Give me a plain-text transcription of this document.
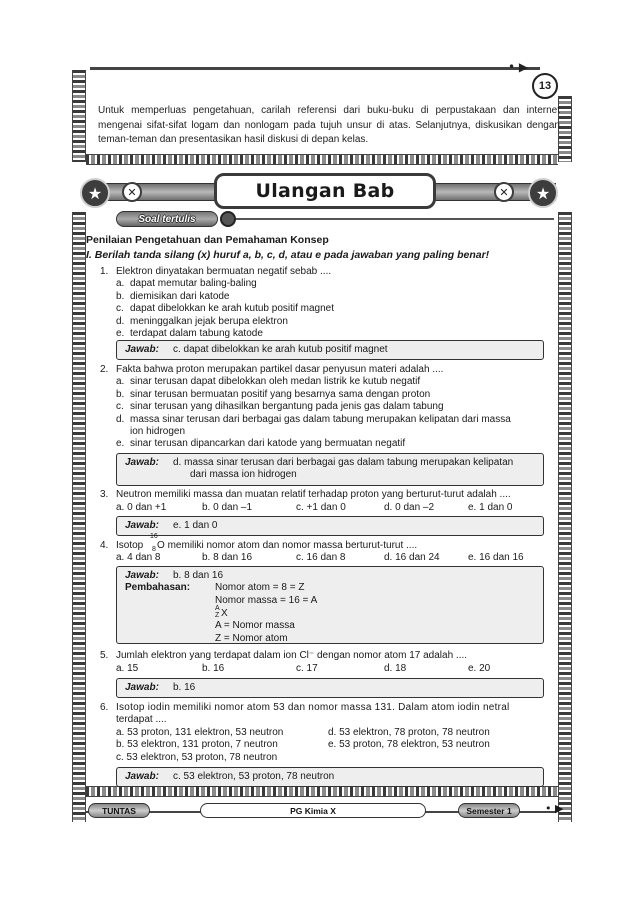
• ▶
13

Untuk memperluas pengetahuan, carilah referensi dari buku-buku di perpustakaan dan internet mengenai sifat-sifat logam dan nonlogam pada tujuh unsur di atas. Selanjutnya, diskusikan dengan teman-teman dan presentasikan hasil diskusi di depan kelas.

★	✕	Ulangan Bab	✕	★
Soal tertulis
Penilaian Pengetahuan dan Pemahaman Konsep
I. Berilah tanda silang (x) huruf a, b, c, d, atau e pada jawaban yang paling benar!
1. Elektron dinyatakan bermuatan negatif sebab ....
a. dapat memutar baling-baling
b. diemisikan dari katode
c. dapat dibelokkan ke arah kutub positif magnet
d. meninggalkan jejak berupa elektron
e. terdapat dalam tabung katode
Jawab: c. dapat dibelokkan ke arah kutub positif magnet
2. Fakta bahwa proton merupakan partikel dasar penyusun materi adalah ....
a. sinar terusan dapat dibelokkan oleh medan listrik ke kutub negatif
b. sinar terusan bermuatan positif yang besarnya sama dengan proton
c. sinar terusan yang dihasilkan bergantung pada jenis gas dalam tabung
d. massa sinar terusan dari berbagai gas dalam tabung merupakan kelipatan dari massa
ion hidrogen
e. sinar terusan dipancarkan dari katode yang bermuatan negatif
Jawab: d. massa sinar terusan dari berbagai gas dalam tabung merupakan kelipatan
dari massa ion hidrogen
3. Neutron memiliki massa dan muatan relatif terhadap proton yang berturut-turut adalah ....
a. 0 dan +1	b. 0 dan –1	c. +1 dan 0	d. 0 dan –2	e. 1 dan 0
Jawab: e. 1 dan 0
4. Isotop
16
8 O memiliki nomor atom dan nomor massa berturut-turut ....
a. 4 dan 8	b. 8 dan 16	c. 16 dan 8	d. 16 dan 24	e. 16 dan 16
Jawab: b. 8 dan 16
Pembahasan: Nomor atom = 8 = Z
Nomor massa = 16 = A
A
Z X
A = Nomor massa
Z = Nomor atom
5. Jumlah elektron yang terdapat dalam ion Cl⁻ dengan nomor atom 17 adalah ....
a. 15	b. 16	c. 17	d. 18	e. 20
Jawab: b. 16
6. Isotop iodin memiliki nomor atom 53 dan nomor massa 131. Dalam atom iodin netral
terdapat ....
a. 53 proton, 131 elektron, 53 neutron
b. 53 elektron, 131 proton, 7 neutron
c. 53 elektron, 53 proton, 78 neutron
d. 53 elektron, 78 proton, 78 neutron
e. 53 proton, 78 elektron, 53 neutron
Jawab: c. 53 elektron, 53 proton, 78 neutron
TUNTAS	PG Kimia X	Semester 1	• ▶
